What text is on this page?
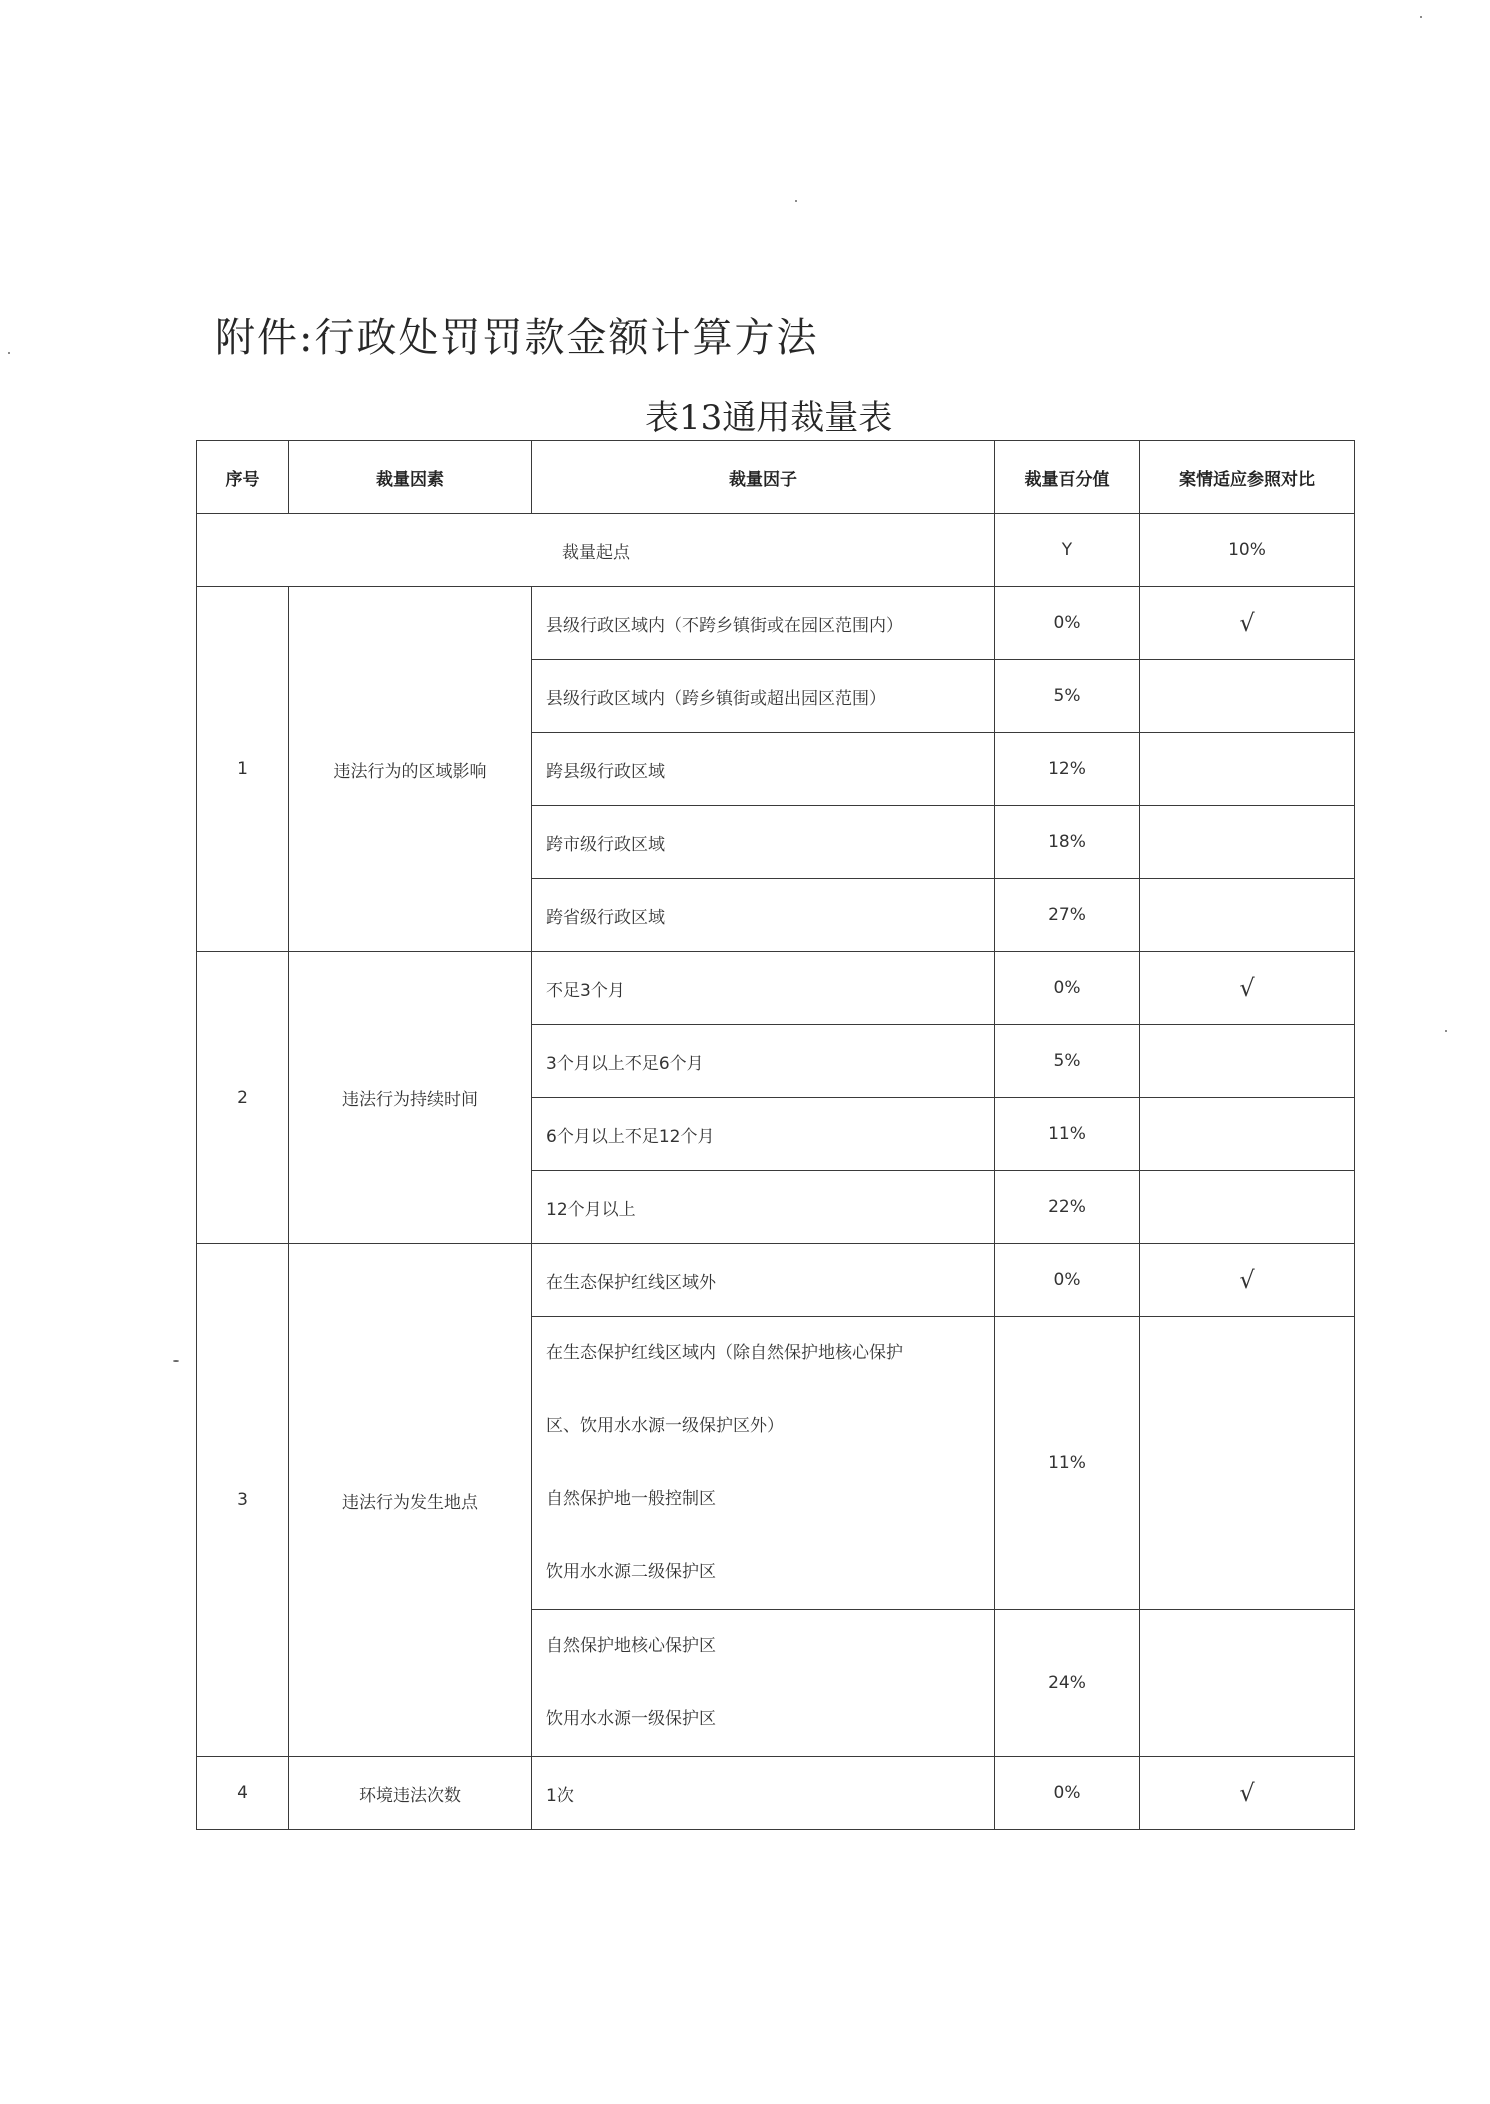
附件:行政处罚罚款金额计算方法
表13通用裁量表
序号	裁量因素	裁量因子	裁量百分值	案情适应参照对比
裁量起点			Y	10%
1	违法行为的区域影响	县级行政区域内（不跨乡镇街或在园区范围内）	0%	√
		县级行政区域内（跨乡镇街或超出园区范围）	5%	
		跨县级行政区域	12%	
		跨市级行政区域	18%	
		跨省级行政区域	27%	
2	违法行为持续时间	不足3个月	0%	√
		3个月以上不足6个月	5%	
		6个月以上不足12个月	11%	
		12个月以上	22%	
3	违法行为发生地点	在生态保护红线区域外	0%	√

		在生态保护红线区域内（除自然保护地核心保护
区、饮用水水源一级保护区外）
自然保护地一般控制区
饮用水水源二级保护区	11%	

		自然保护地核心保护区
饮用水水源一级保护区	24%	
4	环境违法次数	1次	0%	√
